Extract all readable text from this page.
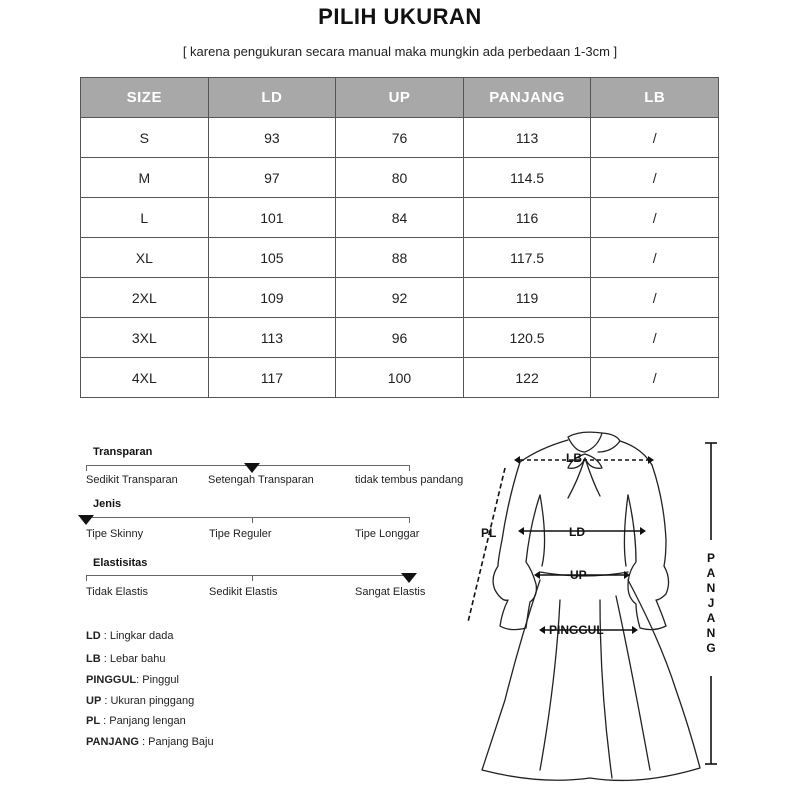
PILIH UKURAN
[ karena pengukuran secara manual maka mungkin ada perbedaan 1-3cm ]
SIZE	LD	UP	PANJANG	LB
S	93	76	113	/
M	97	80	114.5	/
L	101	84	116	/
XL	105	88	117.5	/
2XL	109	92	119	/
3XL	113	96	120.5	/
4XL	117	100	122	/
Transparan
Sedikit Transparan	Setengah Transparan	tidak tembus pandang
Jenis
Tipe Skinny	Tipe Reguler	Tipe Longgar
Elastisitas
Tidak Elastis	Sedikit Elastis	Sangat Elastis
LD : Lingkar dada
LB : Lebar bahu
PINGGUL: Pinggul
UP : Ukuran pinggang
PL : Panjang lengan
PANJANG : Panjang Baju
LB
PL	LD
UP
PINGGUL
P
A
N
J
A
N
G
